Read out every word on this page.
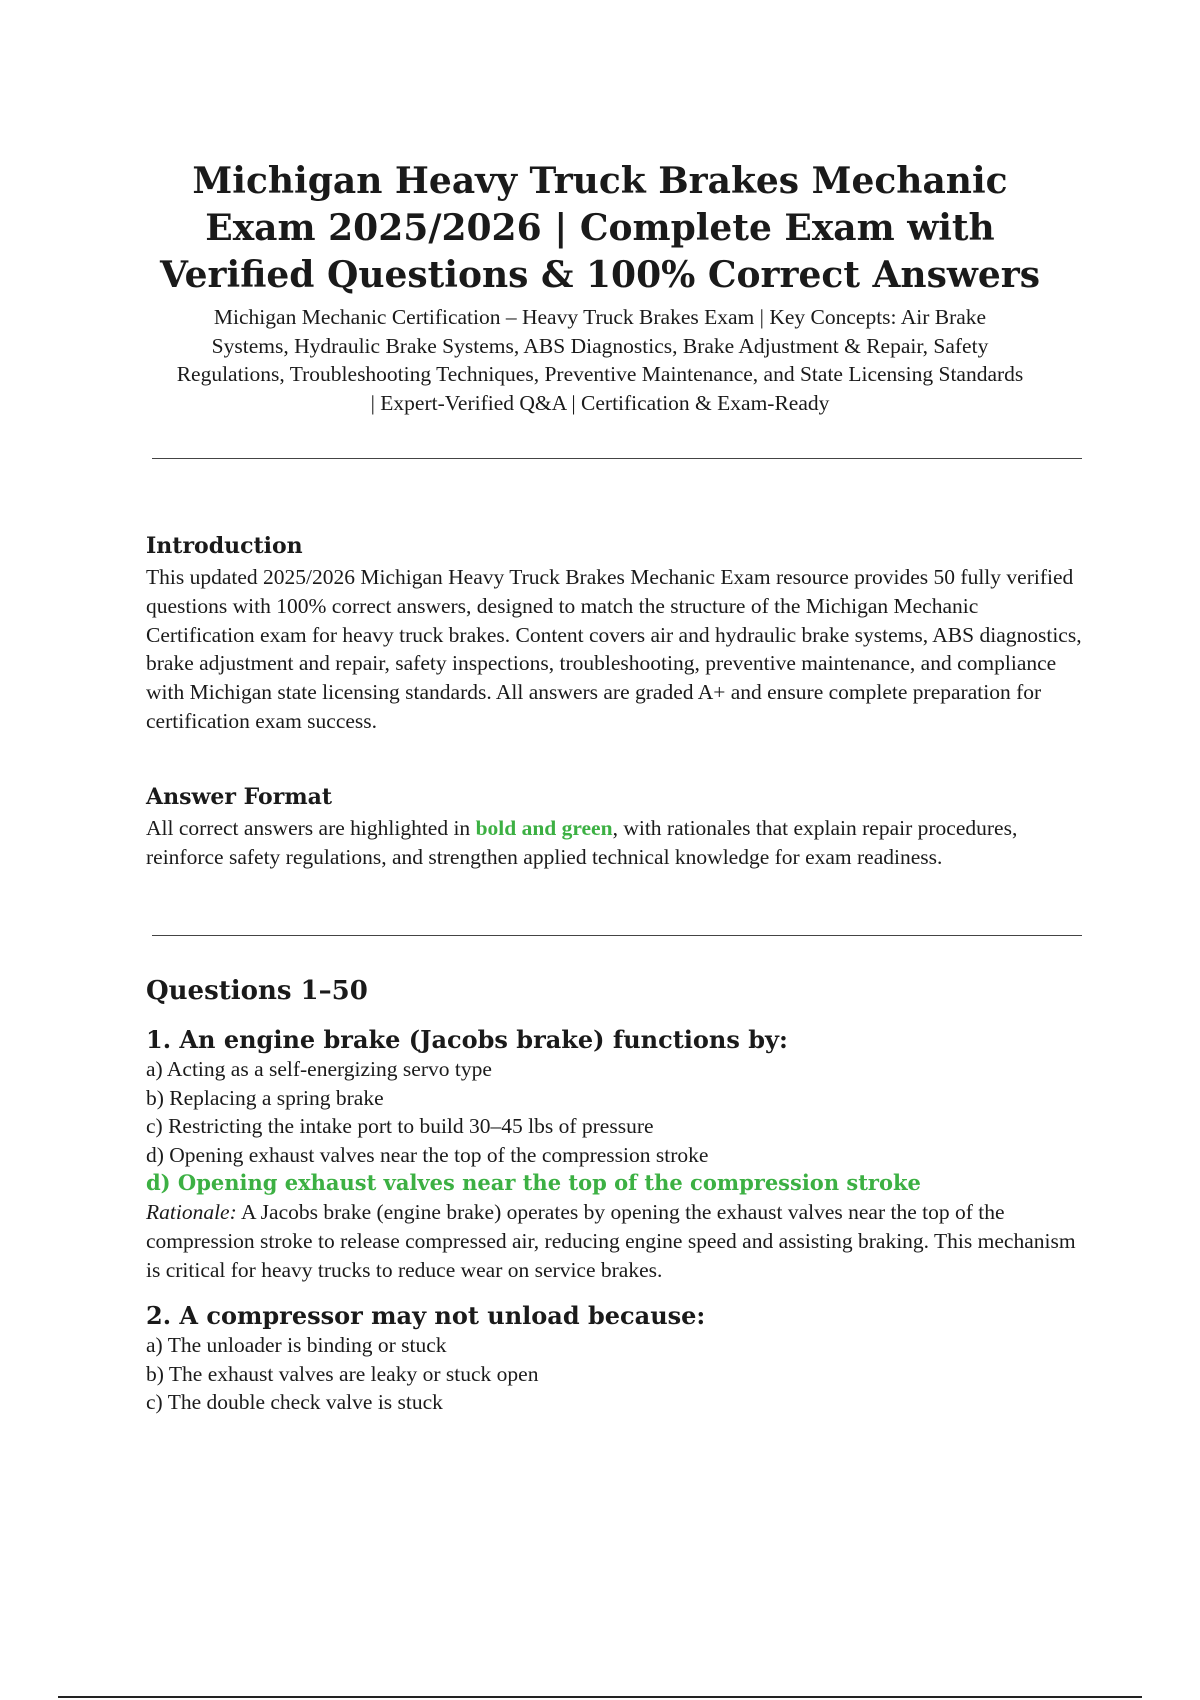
Michigan Heavy Truck Brakes Mechanic Exam 2025/2026 | Complete Exam with Verified Questions & 100% Correct Answers

Michigan Mechanic Certification – Heavy Truck Brakes Exam | Key Concepts: Air Brake Systems, Hydraulic Brake Systems, ABS Diagnostics, Brake Adjustment & Repair, Safety Regulations, Troubleshooting Techniques, Preventive Maintenance, and State Licensing Standards | Expert-Verified Q&A | Certification & Exam-Ready

Introduction

This updated 2025/2026 Michigan Heavy Truck Brakes Mechanic Exam resource provides 50 fully verified questions with 100% correct answers, designed to match the structure of the Michigan Mechanic Certification exam for heavy truck brakes. Content covers air and hydraulic brake systems, ABS diagnostics, brake adjustment and repair, safety inspections, troubleshooting, preventive maintenance, and compliance with Michigan state licensing standards. All answers are graded A+ and ensure complete preparation for certification exam success.

Answer Format

All correct answers are highlighted in bold and green, with rationales that explain repair procedures, reinforce safety regulations, and strengthen applied technical knowledge for exam readiness.

Questions 1–50
1. An engine brake (Jacobs brake) functions by:

a) Acting as a self-energizing servo type

b) Replacing a spring brake

c) Restricting the intake port to build 30–45 lbs of pressure

d) Opening exhaust valves near the top of the compression stroke

d) Opening exhaust valves near the top of the compression stroke

Rationale: A Jacobs brake (engine brake) operates by opening the exhaust valves near the top of the compression stroke to release compressed air, reducing engine speed and assisting braking. This mechanism is critical for heavy trucks to reduce wear on service brakes.

2. A compressor may not unload because:

a) The unloader is binding or stuck

b) The exhaust valves are leaky or stuck open

c) The double check valve is stuck
